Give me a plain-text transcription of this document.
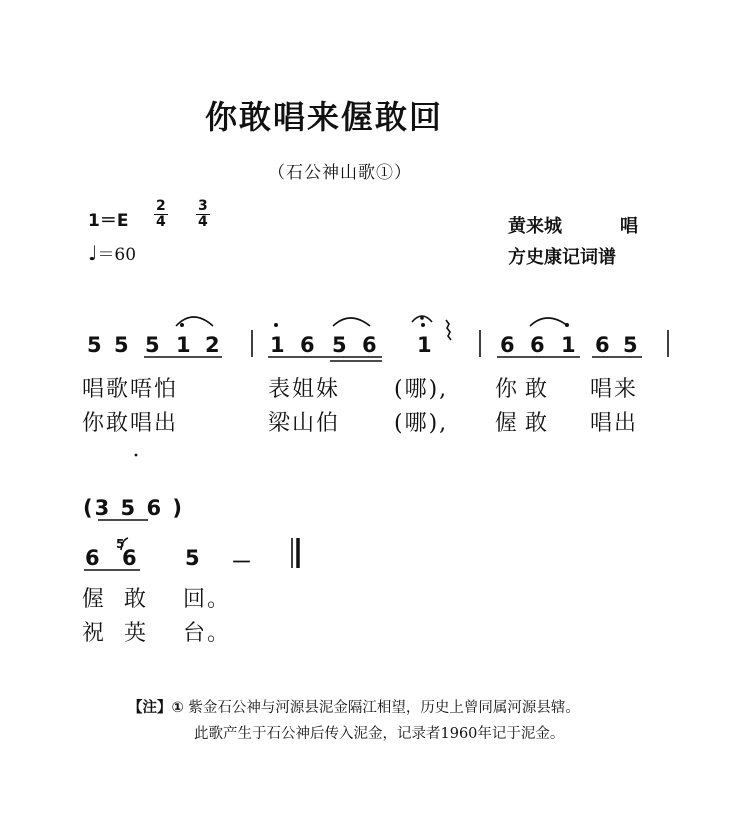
你敢唱来偓敢回
（石公神山歌①）
$1=E \frac{2}{4} \frac{3}{4}$
♩＝60
黄来城	唱
方史康记词谱
5 5 5 1 2 1 6 5 6 1	6 6 1 6 5
唱歌唔怕	表姐妹 (哪), 你敢 唱来
你敢唱出	梁山伯 (哪), 偓敢 唱出
(3 5 6 )
6
5
6 5 －
偓 敢 回。
祝 英 台。
【注】① 紫金石公神与河源县泥金隔江相望，历史上曾同属河源县辖。
此歌产生于石公神后传入泥金，记录者1960年记于泥金。
